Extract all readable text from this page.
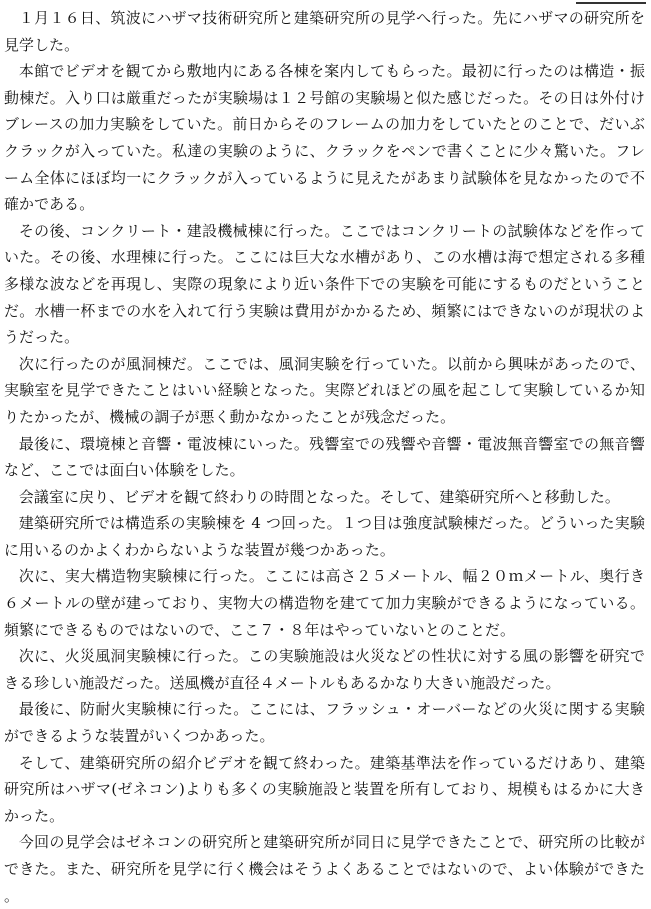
１月１６日、筑波にハザマ技術研究所と建築研究所の見学へ行った。先にハザマの研究所を見学した。

本館でビデオを観てから敷地内にある各棟を案内してもらった。最初に行ったのは構造・振動棟だ。入り口は厳重だったが実験場は１２号館の実験場と似た感じだった。その日は外付けブレースの加力実験をしていた。前日からそのフレームの加力をしていたとのことで、だいぶクラックが入っていた。私達の実験のように、クラックをペンで書くことに少々驚いた。フレーム全体にほぼ均一にクラックが入っているように見えたがあまり試験体を見なかったので不確かである。

その後、コンクリート・建設機械棟に行った。ここではコンクリートの試験体などを作っていた。その後、水理棟に行った。ここには巨大な水槽があり、この水槽は海で想定される多種多様な波などを再現し、実際の現象により近い条件下での実験を可能にするものだということだ。水槽一杯までの水を入れて行う実験は費用がかかるため、頻繁にはできないのが現状のようだった。

次に行ったのが風洞棟だ。ここでは、風洞実験を行っていた。以前から興味があったので、実験室を見学できたことはいい経験となった。実際どれほどの風を起こして実験しているか知りたかったが、機械の調子が悪く動かなかったことが残念だった。

最後に、環境棟と音響・電波棟にいった。残響室での残響や音響・電波無音響室での無音響など、ここでは面白い体験をした。

会議室に戻り、ビデオを観て終わりの時間となった。そして、建築研究所へと移動した。

建築研究所では構造系の実験棟を 4 つ回った。１つ目は強度試験棟だった。どういった実験に用いるのかよくわからないような装置が幾つかあった。

次に、実大構造物実験棟に行った。ここには高さ２５メートル、幅２０ｍメートル、奥行き６メートルの壁が建っており、実物大の構造物を建てて加力実験ができるようになっている。頻繁にできるものではないので、ここ７・８年はやっていないとのことだ。

次に、火災風洞実験棟に行った。この実験施設は火災などの性状に対する風の影響を研究できる珍しい施設だった。送風機が直径４メートルもあるかなり大きい施設だった。

最後に、防耐火実験棟に行った。ここには、フラッシュ・オーバーなどの火災に関する実験ができるような装置がいくつかあった。

そして、建築研究所の紹介ビデオを観て終わった。建築基準法を作っているだけあり、建築研究所はハザマ(ゼネコン)よりも多くの実験施設と装置を所有しており、規模もはるかに大きかった。

今回の見学会はゼネコンの研究所と建築研究所が同日に見学できたことで、研究所の比較ができた。また、研究所を見学に行く機会はそうよくあることではないので、よい体験ができた。
